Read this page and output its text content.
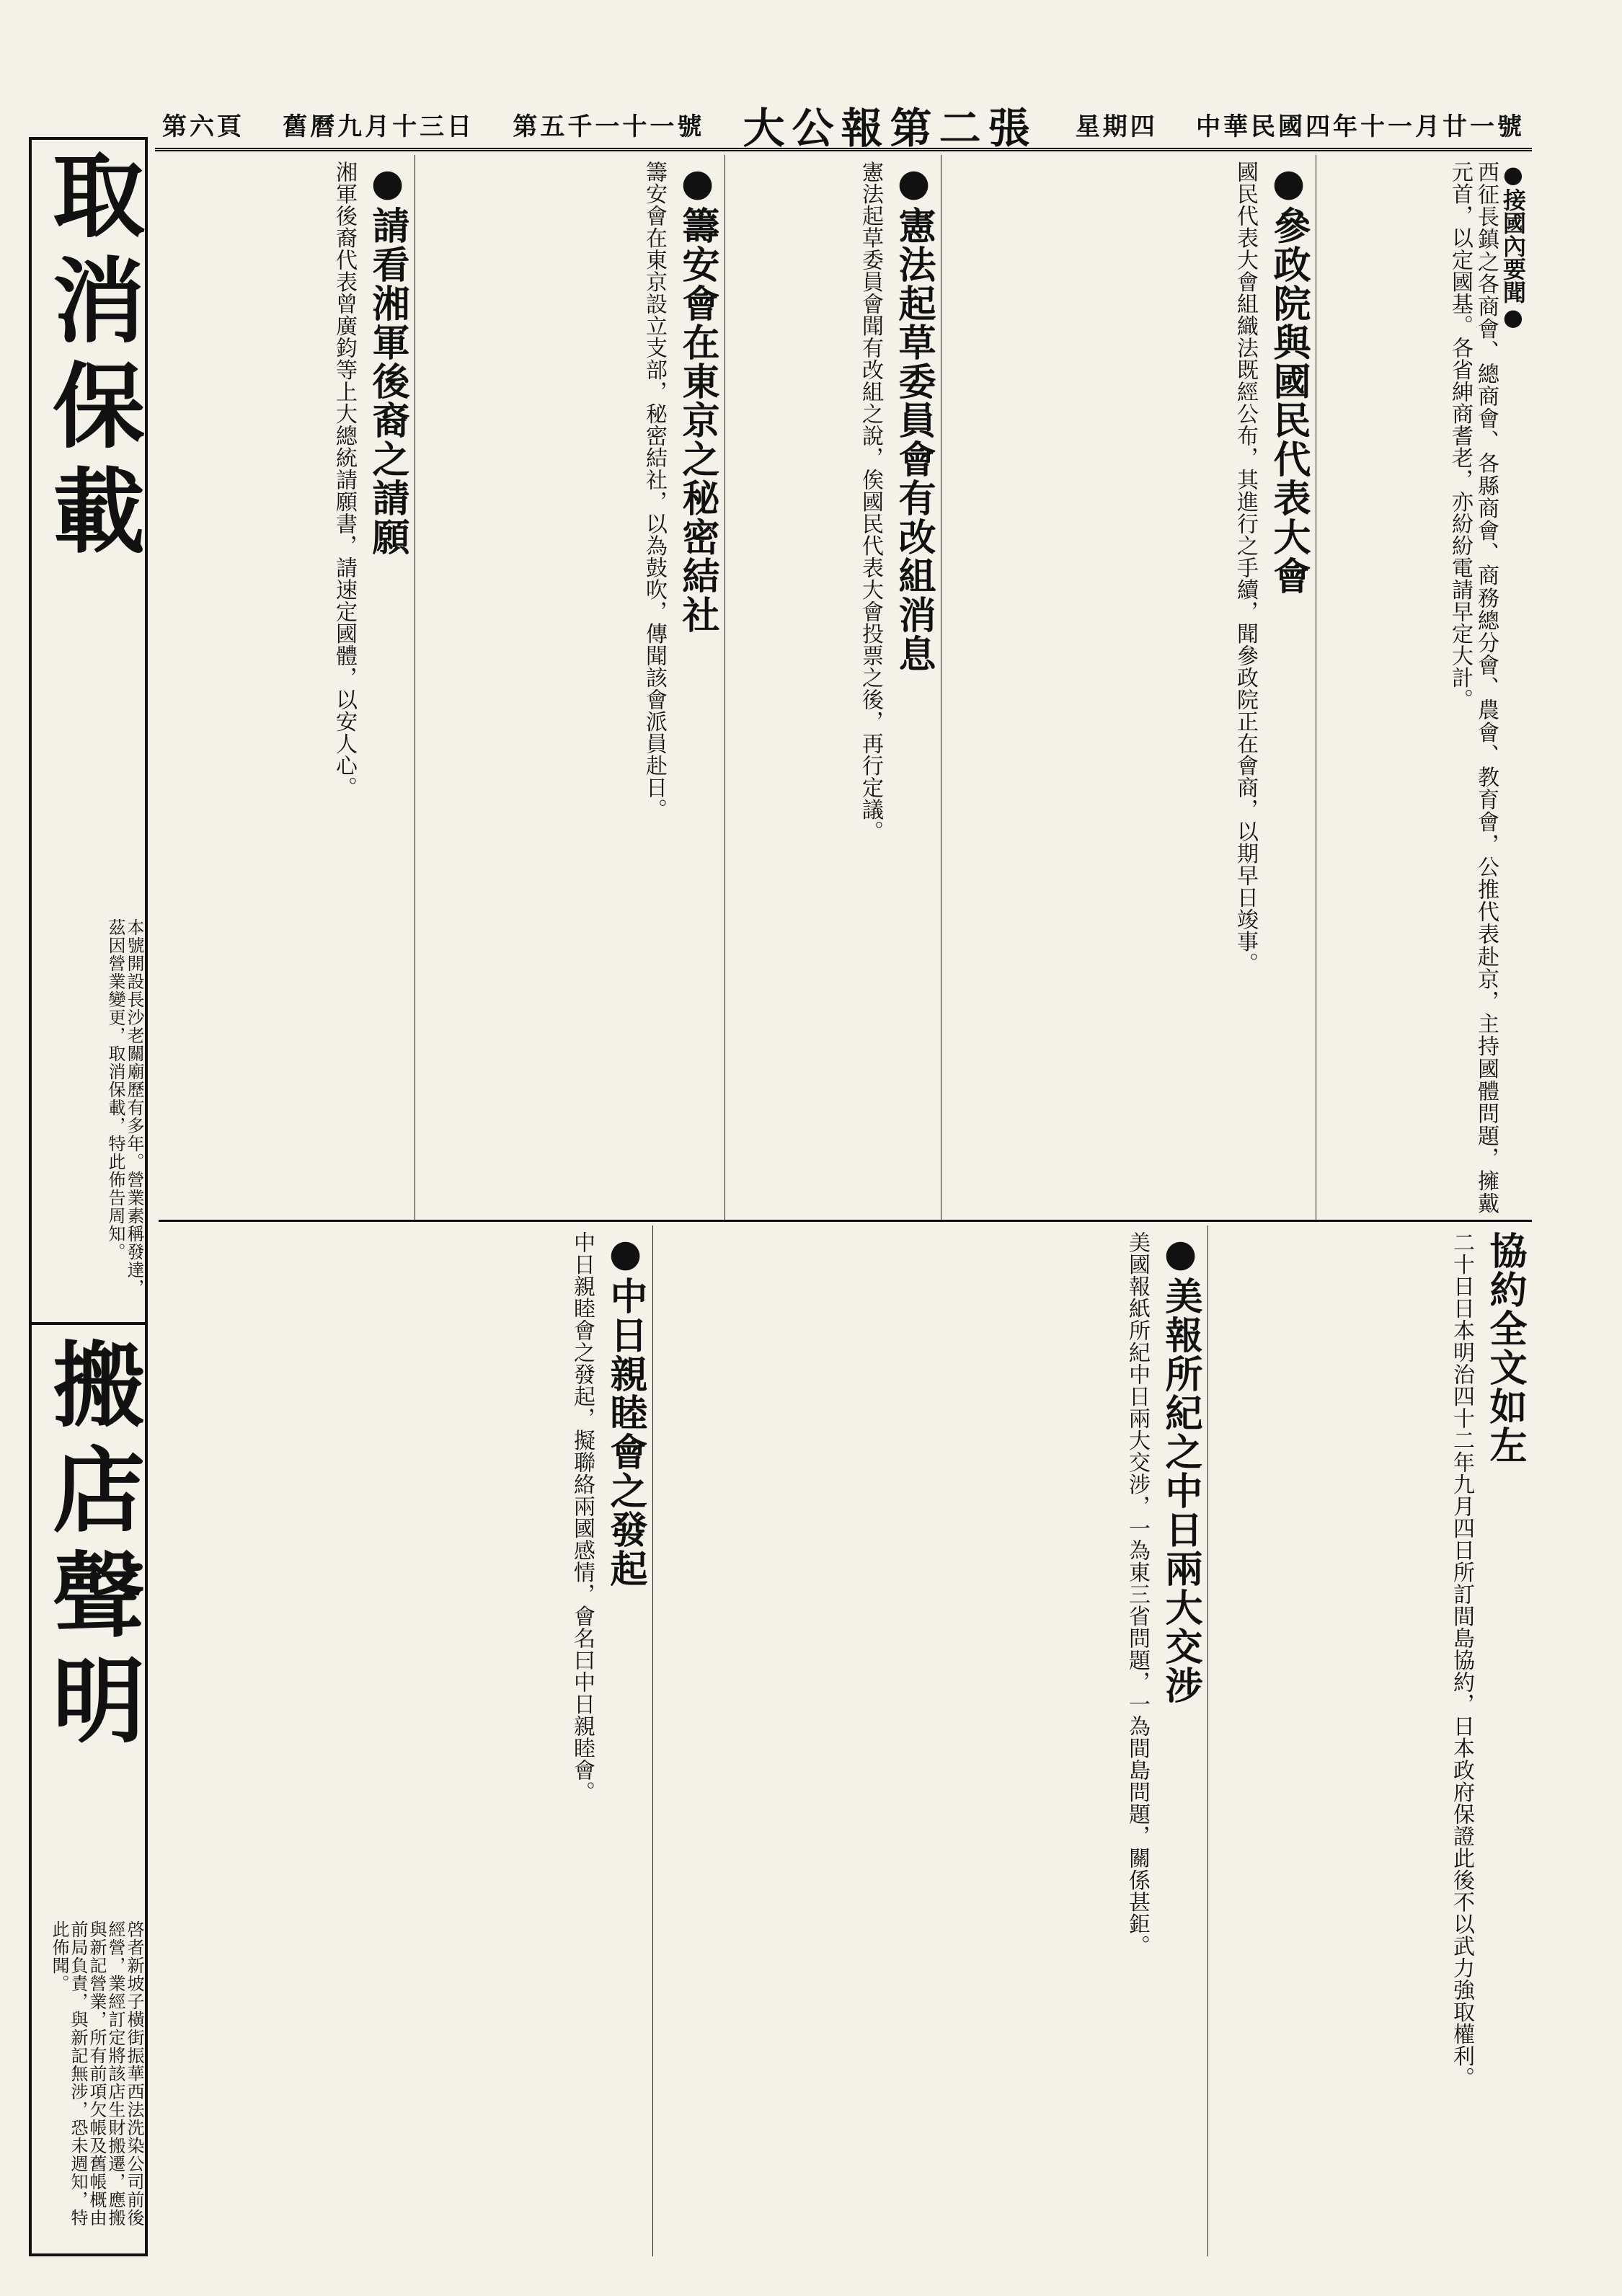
第六頁 舊曆九月十三日 第五千一十一號 大公報第二張 星期四 中華民國四年十一月廿一號
取消保載
本號開設長沙老關廟歷有多年。營業素稱發達，茲因營業變更，取消保載，特此佈告周知。
搬店聲明
啓者新坡子橫街振華西法洗染公司前後經營，業經訂定將該店生財搬遷，應搬與新記營業，所有前項欠帳及舊帳概由前局負責，與新記無涉，恐未週知，特此佈聞。
●接國內要聞●
西征長鎮之各商會、總商會、各縣商會、商務總分會、農會、教育會，公推代表赴京，主持國體問題，擁戴元首，以定國基。各省紳商耆老，亦紛紛電請早定大計。
●參政院與國民代表大會
國民代表大會組織法既經公布，其進行之手續，聞參政院正在會商，以期早日竣事。
●憲法起草委員會有改組消息
憲法起草委員會聞有改組之說，俟國民代表大會投票之後，再行定議。
●籌安會在東京之秘密結社
籌安會在東京設立支部，秘密結社，以為鼓吹，傳聞該會派員赴日。
●請看湘軍後裔之請願
湘軍後裔代表曾廣鈞等上大總統請願書，請速定國體，以安人心。
協約全文如左
二十日日本明治四十二年九月四日所訂間島協約，日本政府保證此後不以武力強取權利。
●美報所紀之中日兩大交涉
美國報紙所紀中日兩大交涉，一為東三省問題，一為間島問題，關係甚鉅。
●中日親睦會之發起
中日親睦會之發起，擬聯絡兩國感情，會名曰中日親睦會。
